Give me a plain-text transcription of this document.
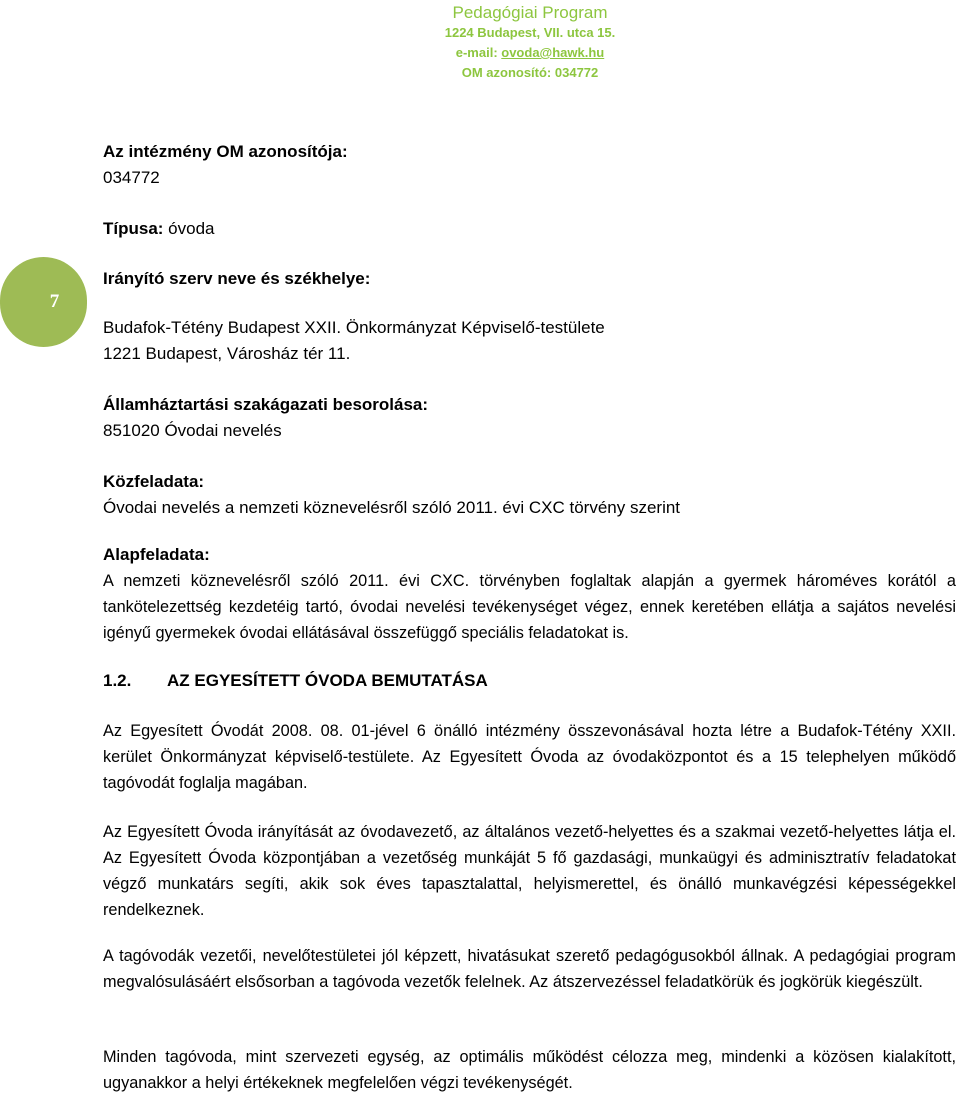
Pedagógiai Program
1224 Budapest, VII. utca 15.
e-mail: ovoda@hawk.hu
OM azonosító: 034772
7
Az intézmény OM azonosítója:
034772
Típusa: óvoda
Irányító szerv neve és székhelye:
Budafok-Tétény Budapest XXII. Önkormányzat Képviselő-testülete
1221 Budapest, Városház tér 11.
Államháztartási szakágazati besorolása:
851020 Óvodai nevelés
Közfeladata:
Óvodai nevelés a nemzeti köznevelésről szóló 2011. évi CXC törvény szerint
Alapfeladata:
A nemzeti köznevelésről szóló 2011. évi CXC. törvényben foglaltak alapján a gyermek hároméves korától a tankötelezettség kezdetéig tartó, óvodai nevelési tevékenységet végez, ennek keretében ellátja a sajátos nevelési igényű gyermekek óvodai ellátásával összefüggő speciális feladatokat is.
1.2. AZ EGYESÍTETT ÓVODA BEMUTATÁSA
Az Egyesített Óvodát 2008. 08. 01-jével 6 önálló intézmény összevonásával hozta létre a Budafok-Tétény XXII. kerület Önkormányzat képviselő-testülete. Az Egyesített Óvoda az óvodaközpontot és a 15 telephelyen működő tagóvodát foglalja magában.
Az Egyesített Óvoda irányítását az óvodavezető, az általános vezető-helyettes és a szakmai vezető-helyettes látja el. Az Egyesített Óvoda központjában a vezetőség munkáját 5 fő gazdasági, munkaügyi és adminisztratív feladatokat végző munkatárs segíti, akik sok éves tapasztalattal, helyismerettel, és önálló munkavégzési képességekkel rendelkeznek.
A tagóvodák vezetői, nevelőtestületei jól képzett, hivatásukat szerető pedagógusokból állnak. A pedagógiai program megvalósulásáért elsősorban a tagóvoda vezetők felelnek. Az átszervezéssel feladatkörük és jogkörük kiegészült.
Minden tagóvoda, mint szervezeti egység, az optimális működést célozza meg, mindenki a közösen kialakított, ugyanakkor a helyi értékeknek megfelelően végzi tevékenységét.
